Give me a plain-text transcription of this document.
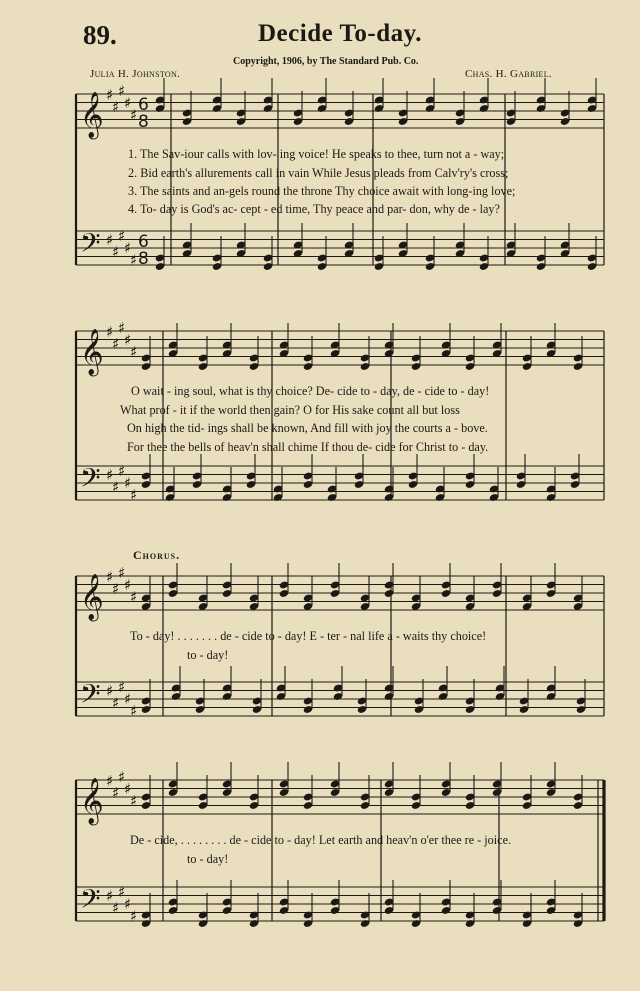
89.	Decide To-day.
Copyright, 1906, by The Standard Pub. Co.
Julia H. Johnston.	Chas. H. Gabriel.
1. The Sav-iour calls with lov- ing voice! He speaks to thee, turn not a - way;
2. Bid earth's allurements call in vain While Jesus pleads from Calv'ry's cross;
3. The saints and an-gels round the throne Thy choice await with long-ing love;
4. To- day is God's ac- cept - ed time, Thy peace and par- don, why de - lay?
O wait - ing soul, what is thy choice? De- cide to - day, de - cide to - day!
What prof - it if the world then gain? O for His sake count all but loss
On high the tid- ings shall be known, And fill with joy the courts a - bove.
For thee the bells of heav'n shall chime If thou de- cide for Christ to - day.
Chorus.
To - day! . . . . . . . de - cide to - day! E - ter - nal life a - waits thy choice!
to - day!
De - cide, . . . . . . . . de - cide to - day! Let earth and heav'n o'er thee re - joice.
to - day!
𝄞
𝄢
♯
♯
♯
♯
♯
♯
♯
♯
♯
♯
6
8
6
8
𝄞
𝄢
♯
♯
♯
♯
♯
♯
♯
♯
♯
♯
𝄞
𝄢
♯
♯
♯
♯
♯
♯
♯
♯
♯
♯
𝄞
𝄢
♯
♯
♯
♯
♯
♯
♯
♯
♯
♯
